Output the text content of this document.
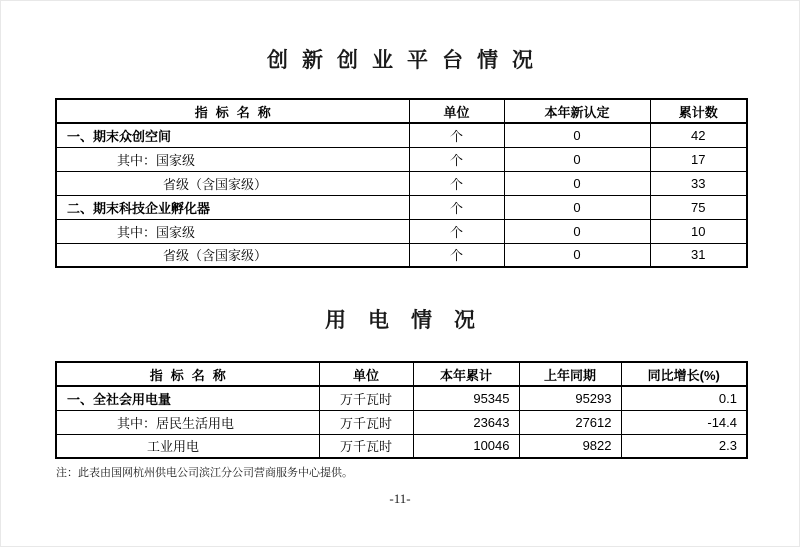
创新创业平台情况
指标名称	单位	本年新认定	累计数
一、期末众创空间	个	0	42
其中：国家级	个	0	17
省级（含国家级）	个	0	33
二、期末科技企业孵化器	个	0	75
其中：国家级	个	0	10
省级（含国家级）	个	0	31
用电情况
指标名称	单位	本年累计	上年同期	同比增长(%)
一、全社会用电量	万千瓦时	95345	95293	0.1
其中：居民生活用电	万千瓦时	23643	27612	-14.4
工业用电	万千瓦时	10046	9822	2.3
注：此表由国网杭州供电公司滨江分公司营商服务中心提供。
-11-
